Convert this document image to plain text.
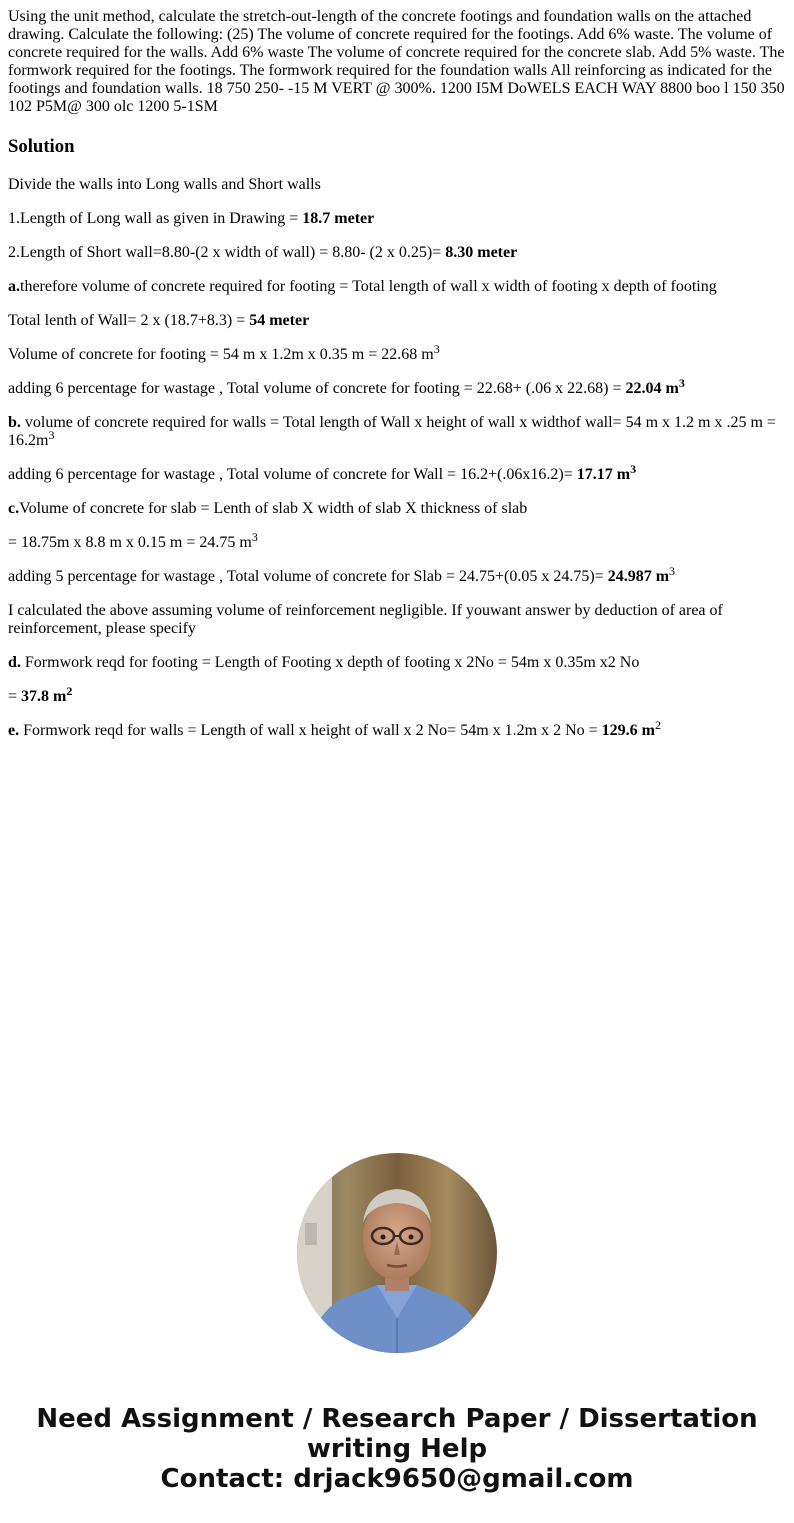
Using the unit method, calculate the stretch-out-length of the concrete footings and foundation walls on the attached drawing. Calculate the following: (25) The volume of concrete required for the footings. Add 6% waste. The volume of concrete required for the walls. Add 6% waste The volume of concrete required for the concrete slab. Add 5% waste. The formwork required for the footings. The formwork required for the foundation walls All reinforcing as indicated for the footings and foundation walls. 18 750 250- -15 M VERT @ 300%. 1200 I5M DoWELS EACH WAY 8800 boo l 150 350 102 P5M@ 300 olc 1200 5-1SM

Solution

Divide the walls into Long walls and Short walls

1.Length of Long wall as given in Drawing = 18.7 meter

2.Length of Short wall=8.80-(2 x width of wall) = 8.80- (2 x 0.25)= 8.30 meter

a.therefore volume of concrete required for footing = Total length of wall x width of footing x depth of footing

Total lenth of Wall= 2 x (18.7+8.3) = 54 meter

Volume of concrete for footing = 54 m x 1.2m x 0.35 m = 22.68 $m^3$

adding 6 percentage for wastage , Total volume of concrete for footing = 22.68+ (.06 x 22.68) = 22.04 $m^3$

b. volume of concrete required for walls = Total length of Wall x height of wall x widthof wall= 54 m x 1.2 m x .25 $m = 16.2m^3$

adding 6 percentage for wastage , Total volume of concrete for Wall = 16.2+(.06x16.2)= 17.17 $m^3$

c.Volume of concrete for slab = Lenth of slab X width of slab X thickness of slab

= 18.75m x 8.8 m x 0.15 m = 24.75 $m^3$

adding 5 percentage for wastage , Total volume of concrete for Slab = 24.75+(0.05 x 24.75)= 24.987 $m^3$

I calculated the above assuming volume of reinforcement negligible. If youwant answer by deduction of area of reinforcement, please specify

d. Formwork reqd for footing = Length of Footing x depth of footing x 2No = 54m x 0.35m x2 No

= 37.8 $m^2$

e. Formwork reqd for walls = Length of wall x height of wall x 2 No= 54m x 1.2m x 2 No = 129.6 $m^2$

Need Assignment / Research Paper / Dissertation
writing Help
Contact: drjack9650@gmail.com
